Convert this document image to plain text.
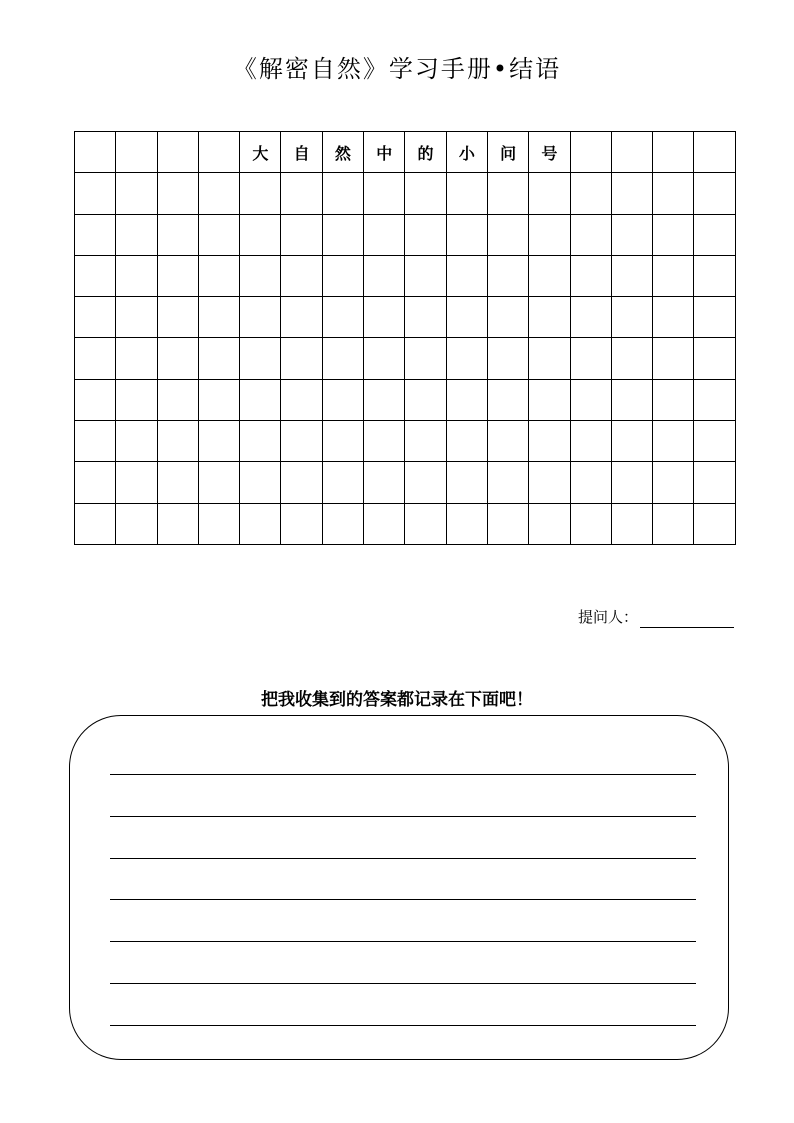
《解密自然》学习手册•结语
				大	自	然	中	的	小	问	号				

提问人：
把我收集到的答案都记录在下面吧！
